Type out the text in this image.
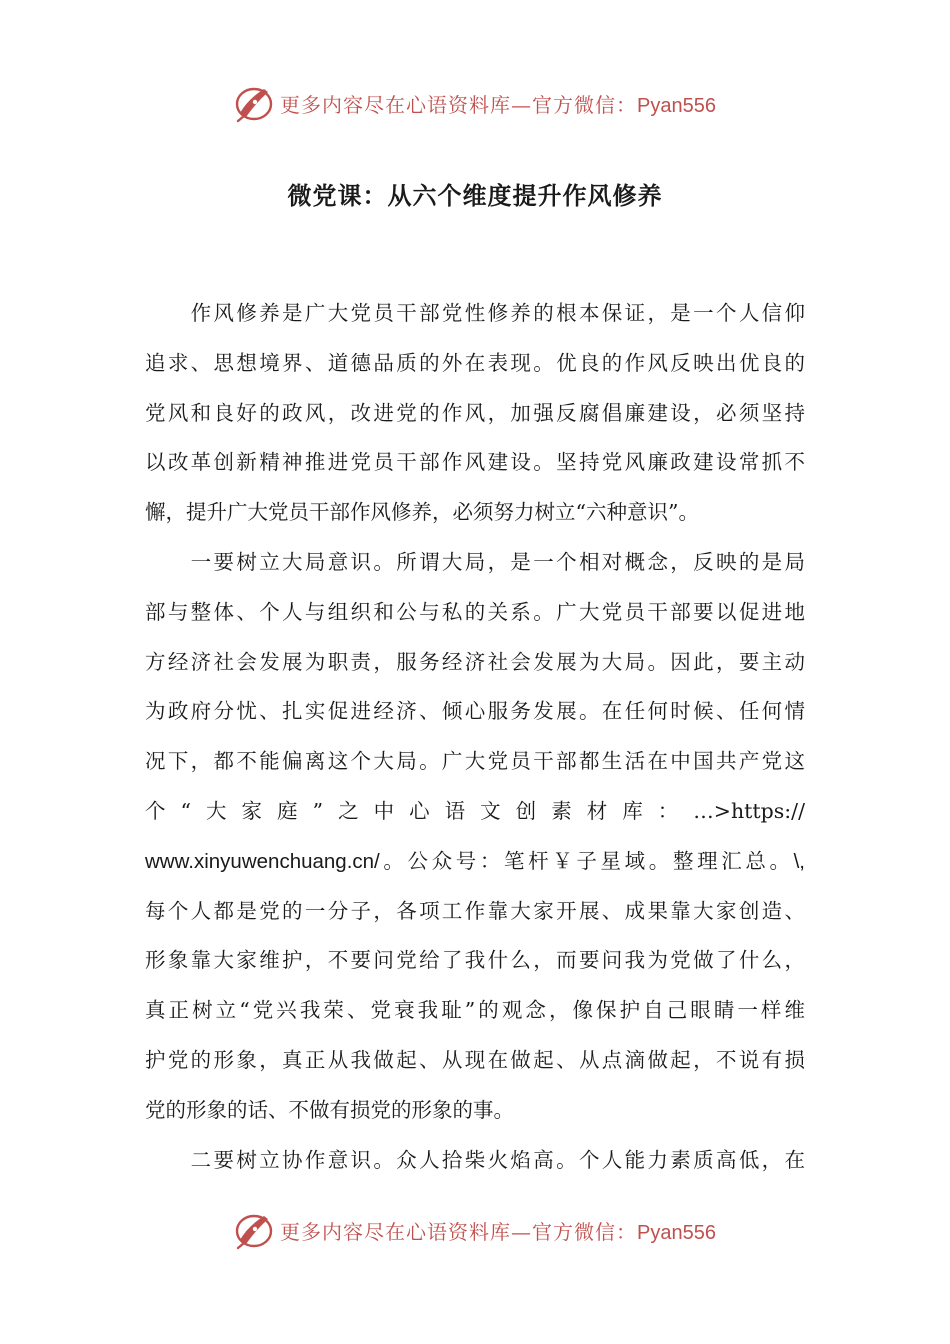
更多内容尽在心语资料库—官方微信：Pyan556
微党课：从六个维度提升作风修养
　　作风修养是广大党员干部党性修养的根本保证，是一个人信仰
追求、思想境界、道德品质的外在表现。优良的作风反映出优良的
党风和良好的政风，改进党的作风，加强反腐倡廉建设，必须坚持
以改革创新精神推进党员干部作风建设。坚持党风廉政建设常抓不
懈，提升广大党员干部作风修养，必须努力树立“六种意识”。
　　一要树立大局意识。所谓大局，是一个相对概念，反映的是局
部与整体、个人与组织和公与私的关系。广大党员干部要以促进地
方经济社会发展为职责，服务经济社会发展为大局。因此，要主动
为政府分忧、扎实促进经济、倾心服务发展。在任何时候、任何情
况下，都不能偏离这个大局。广大党员干部都生活在中国共产党这
个“大家庭”之中心语文创素材库：…>https://
www.xinyuwenchuang.cn/。公众号：笔杆￥子星域。整理汇总。\,
每个人都是党的一分子，各项工作靠大家开展、成果靠大家创造、
形象靠大家维护，不要问党给了我什么，而要问我为党做了什么，
真正树立“党兴我荣、党衰我耻”的观念，像保护自己眼睛一样维
护党的形象，真正从我做起、从现在做起、从点滴做起，不说有损
党的形象的话、不做有损党的形象的事。
　　二要树立协作意识。众人拾柴火焰高。个人能力素质高低，在
更多内容尽在心语资料库—官方微信：Pyan556
